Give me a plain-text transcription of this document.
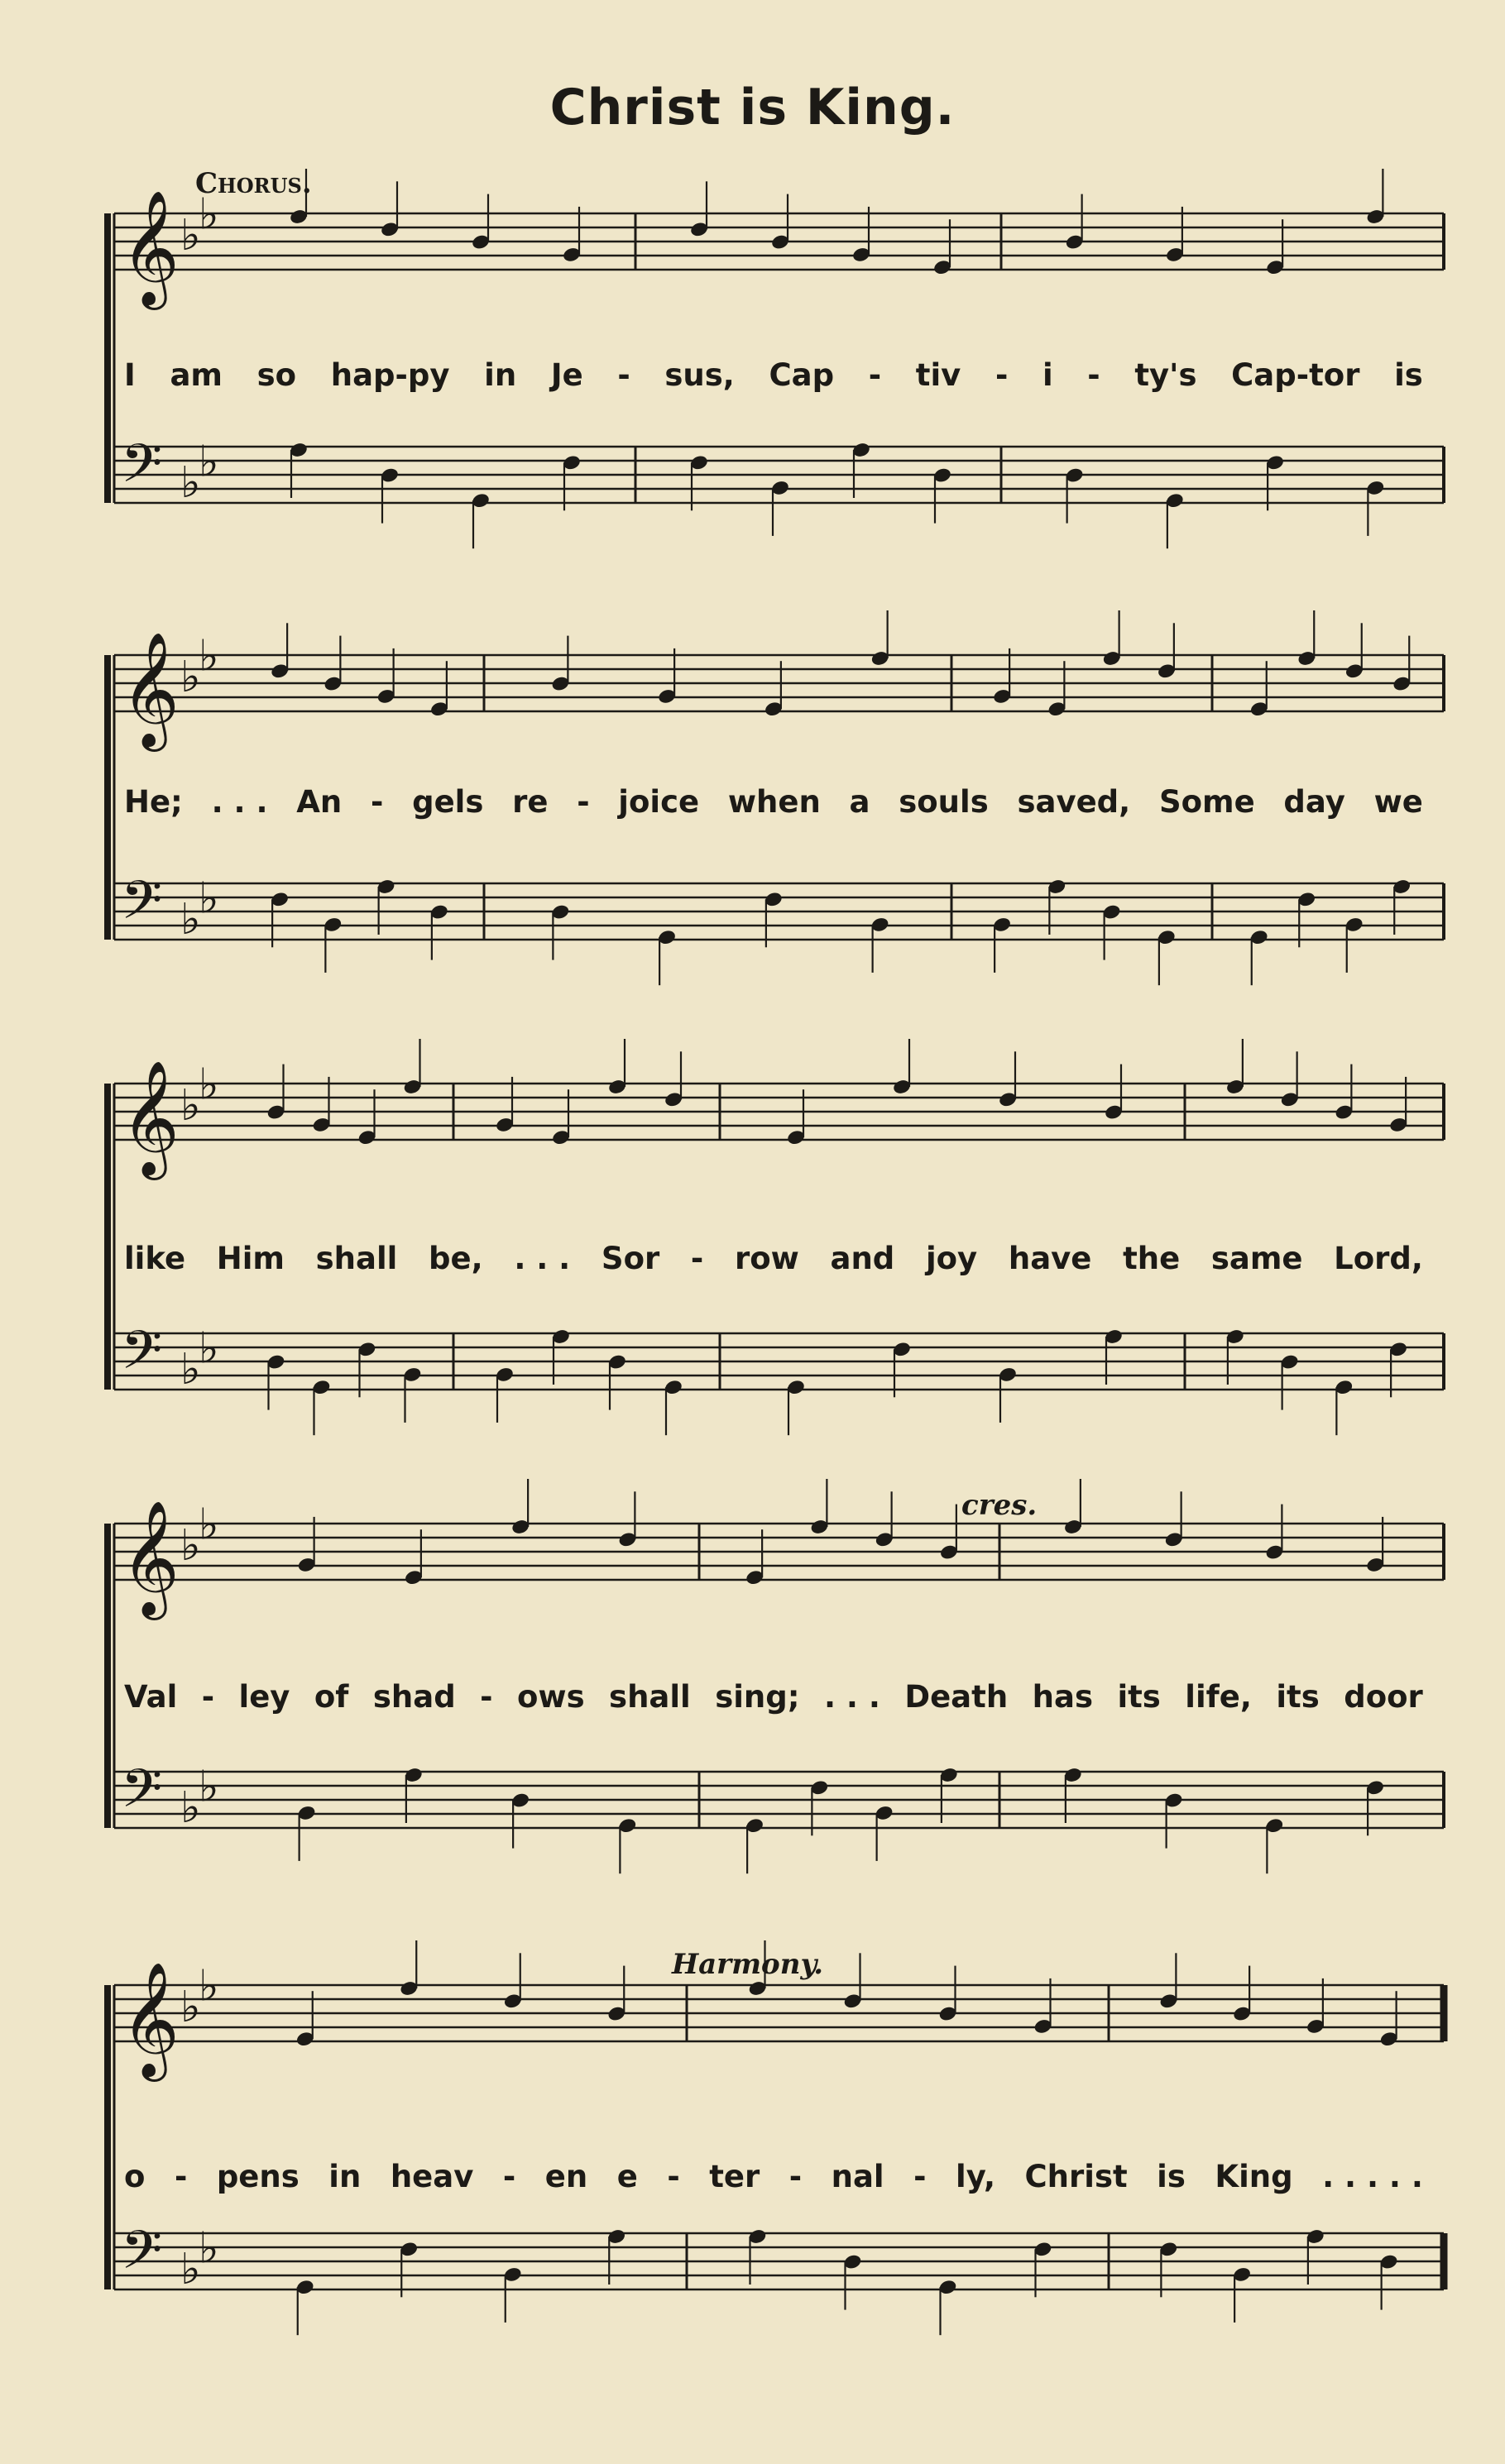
Christ is King.
Chorus.
𝄞 ♭
♭
𝄢 ♭
♭
𝄞 ♭
♭
𝄢 ♭
♭
𝄞 ♭
♭
𝄢 ♭
♭
𝄞 ♭
♭
𝄢 ♭
♭
𝄞 ♭
♭
𝄢 ♭
♭
I am so hap-py in Je - sus, Cap - tiv - i - ty's Cap-tor is
He; . . . An - gels re - joice when a souls saved, Some day we
like Him shall be, . . . Sor - row and joy have the same Lord,
Val - ley of shad - ows shall sing; . . . Death has its life, its door
o - pens in heav - en e - ter - nal - ly, Christ is King . . . . .
cres.
Harmony.
